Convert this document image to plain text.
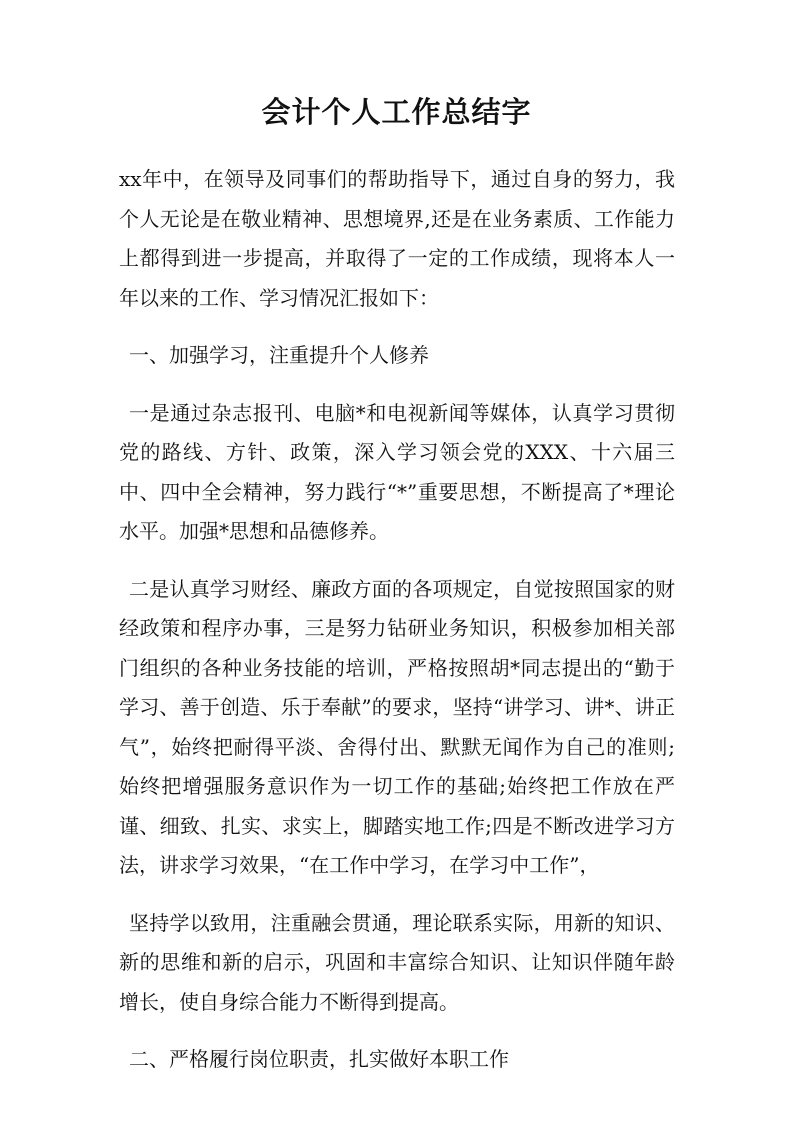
会计个人工作总结字

xx年中，在领导及同事们的帮助指导下，通过自身的努力，我个人无论是在敬业精神、思想境界,还是在业务素质、工作能力上都得到进一步提高，并取得了一定的工作成绩，现将本人一年以来的工作、学习情况汇报如下：

一、加强学习，注重提升个人修养

一是通过杂志报刊、电脑*和电视新闻等媒体，认真学习贯彻党的路线、方针、政策，深入学习领会党的XXX、十六届三中、四中全会精神，努力践行“*”重要思想，不断提高了*理论水平。加强*思想和品德修养。

二是认真学习财经、廉政方面的各项规定，自觉按照国家的财经政策和程序办事，三是努力钻研业务知识，积极参加相关部门组织的各种业务技能的培训，严格按照胡*同志提出的“勤于学习、善于创造、乐于奉献”的要求，坚持“讲学习、讲*、讲正气”，始终把耐得平淡、舍得付出、默默无闻作为自己的准则;始终把增强服务意识作为一切工作的基础;始终把工作放在严谨、细致、扎实、求实上，脚踏实地工作;四是不断改进学习方法，讲求学习效果，“在工作中学习，在学习中工作”，

坚持学以致用，注重融会贯通，理论联系实际，用新的知识、新的思维和新的启示，巩固和丰富综合知识、让知识伴随年龄增长，使自身综合能力不断得到提高。

二、严格履行岗位职责，扎实做好本职工作
